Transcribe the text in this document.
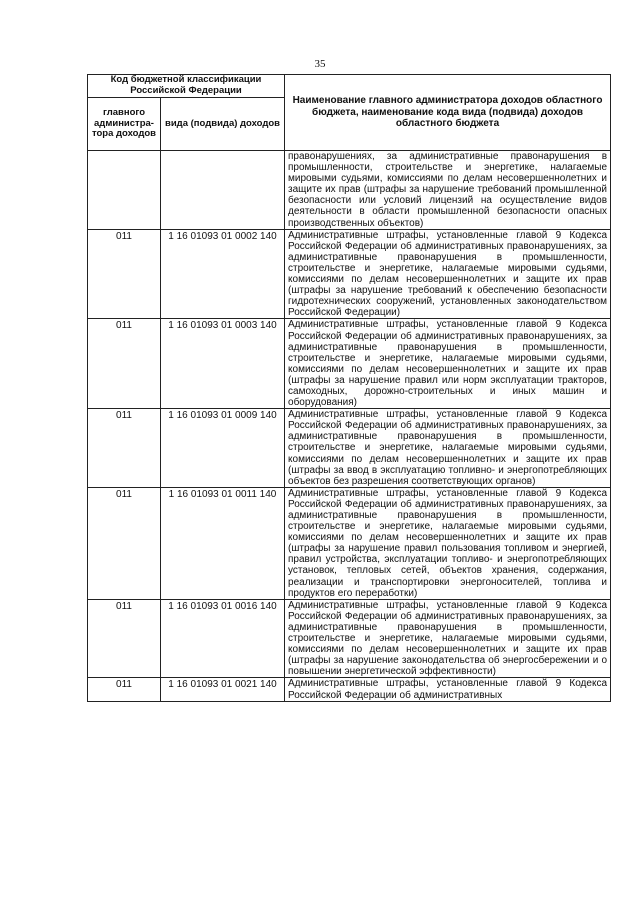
35
Код бюджетной классификации Российской Федерации		Наименование главного администратора доходов областного бюджета, наименование кода вида (подвида) доходов областного бюджета
главного администра-тора доходов	вида (подвида) доходов	
		правонарушениях, за административные правонарушения в промышленности, строительстве и энергетике, налагаемые мировыми судьями, комиссиями по делам несовершеннолетних и защите их прав (штрафы за нарушение требований промышленной безопасности или условий лицензий на осуществление видов деятельности в области промышленной безопасности опасных производственных объектов)
011	1 16 01093 01 0002 140	Административные штрафы, установленные главой 9 Кодекса Российской Федерации об административных правонарушениях, за административные правонарушения в промышленности, строительстве и энергетике, налагаемые мировыми судьями, комиссиями по делам несовершеннолетних и защите их прав (штрафы за нарушение требований к обеспечению безопасности гидротехнических сооружений, установленных законодательством Российской Федерации)
011	1 16 01093 01 0003 140	Административные штрафы, установленные главой 9 Кодекса Российской Федерации об административных правонарушениях, за административные правонарушения в промышленности, строительстве и энергетике, налагаемые мировыми судьями, комиссиями по делам несовершеннолетних и защите их прав (штрафы за нарушение правил или норм эксплуатации тракторов, самоходных, дорожно-строительных и иных машин и оборудования)
011	1 16 01093 01 0009 140	Административные штрафы, установленные главой 9 Кодекса Российской Федерации об административных правонарушениях, за административные правонарушения в промышленности, строительстве и энергетике, налагаемые мировыми судьями, комиссиями по делам несовершеннолетних и защите их прав (штрафы за ввод в эксплуатацию топливно- и энергопотребляющих объектов без разрешения соответствующих органов)
011	1 16 01093 01 0011 140	Административные штрафы, установленные главой 9 Кодекса Российской Федерации об административных правонарушениях, за административные правонарушения в промышленности, строительстве и энергетике, налагаемые мировыми судьями, комиссиями по делам несовершеннолетних и защите их прав (штрафы за нарушение правил пользования топливом и энергией, правил устройства, эксплуатации топливо- и энергопотребляющих установок, тепловых сетей, объектов хранения, содержания, реализации и транспортировки энергоносителей, топлива и продуктов его переработки)
011	1 16 01093 01 0016 140	Административные штрафы, установленные главой 9 Кодекса Российской Федерации об административных правонарушениях, за административные правонарушения в промышленности, строительстве и энергетике, налагаемые мировыми судьями, комиссиями по делам несовершеннолетних и защите их прав (штрафы за нарушение законодательства об энергосбережении и о повышении энергетической эффективности)
011	1 16 01093 01 0021 140	Административные штрафы, установленные главой 9 Кодекса Российской Федерации об административных
